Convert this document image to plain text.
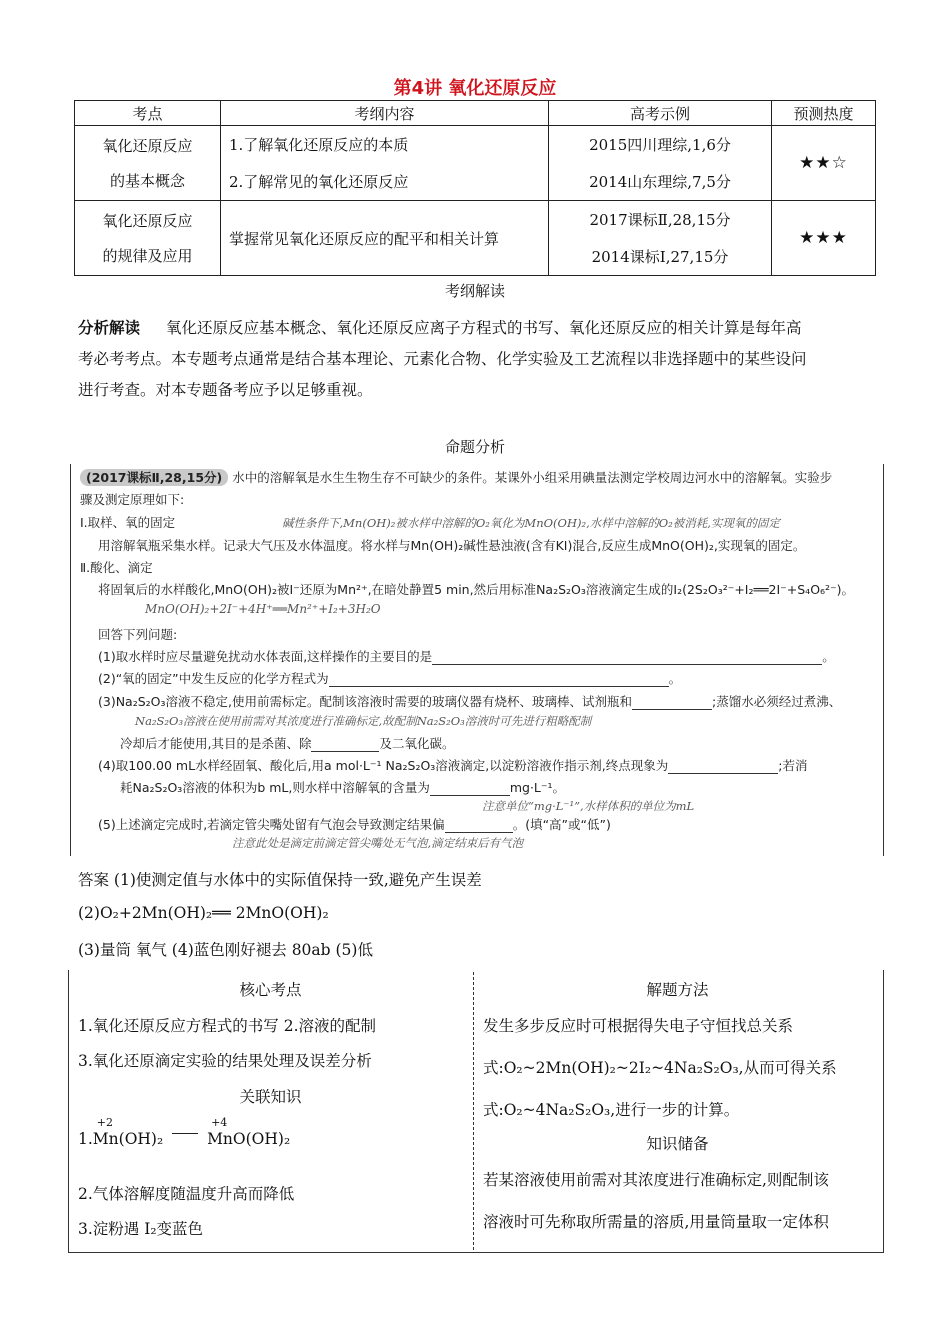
第4讲 氧化还原反应
考点	考纲内容	高考示例	预测热度

氧化还原反应
的基本概念	1.了解氧化还原反应的本质	2015四川理综,1,6分	★★☆
	2.了解常见的氧化还原反应	2014山东理综,7,5分	

氧化还原反应
的规律及应用	掌握常见氧化还原反应的配平和相关计算	2017课标Ⅱ,28,15分	★★★
		2014课标Ⅰ,27,15分	
考纲解读
分析解读 氧化还原反应基本概念、氧化还原反应离子方程式的书写、氧化还原反应的相关计算是每年高
考必考考点。本专题考点通常是结合基本理论、元素化合物、化学实验及工艺流程以非选择题中的某些设问
进行考查。对本专题备考应予以足够重视。
命题分析
(2017课标Ⅱ,28,15分) 水中的溶解氧是水生生物生存不可缺少的条件。某课外小组采用碘量法测定学校周边河水中的溶解氧。实验步
骤及测定原理如下:
Ⅰ.取样、氧的固定	碱性条件下,Mn(OH)₂被水样中溶解的O₂氧化为MnO(OH)₂,水样中溶解的O₂被消耗,实现氧的固定
用溶解氧瓶采集水样。记录大气压及水体温度。将水样与Mn(OH)₂碱性悬浊液(含有KI)混合,反应生成MnO(OH)₂,实现氧的固定。
Ⅱ.酸化、滴定
将固氧后的水样酸化,MnO(OH)₂被I⁻还原为Mn²⁺,在暗处静置5 min,然后用标准Na₂S₂O₃溶液滴定生成的I₂(2S₂O₃²⁻+I₂══2I⁻+S₄O₆²⁻)。
MnO(OH)₂+2I⁻+4H⁺══Mn²⁺+I₂+3H₂O
回答下列问题:
(1)取水样时应尽量避免扰动水体表面,这样操作的主要目的是	。
(2)“氧的固定”中发生反应的化学方程式为	。
(3)Na₂S₂O₃溶液不稳定,使用前需标定。配制该溶液时需要的玻璃仪器有烧杯、玻璃棒、试剂瓶和	;蒸馏水必须经过煮沸、
Na₂S₂O₃溶液在使用前需对其浓度进行准确标定,故配制Na₂S₂O₃溶液时可先进行粗略配制
冷却后才能使用,其目的是杀菌、除	及二氧化碳。
(4)取100.00 mL水样经固氧、酸化后,用a mol·L⁻¹ Na₂S₂O₃溶液滴定,以淀粉溶液作指示剂,终点现象为	;若消
耗Na₂S₂O₃溶液的体积为b mL,则水样中溶解氧的含量为	mg·L⁻¹。
注意单位“mg·L⁻¹”,水样体积的单位为mL
(5)上述滴定完成时,若滴定管尖嘴处留有气泡会导致测定结果偏	。(填“高”或“低”)
注意此处是滴定前滴定管尖嘴处无气泡,滴定结束后有气泡
答案 (1)使测定值与水体中的实际值保持一致,避免产生误差
(2)O₂+2Mn(OH)₂══ 2MnO(OH)₂
(3)量筒 氧气 (4)蓝色刚好褪去 80ab (5)低
核心考点
1.氧化还原反应方程式的书写 2.溶液的配制
3.氧化还原滴定实验的结果处理及误差分析
关联知识
1.
+2
Mn(OH)₂
+4
MnO(OH)₂
2.气体溶解度随温度升高而降低
3.淀粉遇 I₂变蓝色
解题方法
发生多步反应时可根据得失电子守恒找总关系
式:O₂~2Mn(OH)₂~2I₂~4Na₂S₂O₃,从而可得关系
式:O₂~4Na₂S₂O₃,进行一步的计算。
知识储备
若某溶液使用前需对其浓度进行准确标定,则配制该
溶液时可先称取所需量的溶质,用量筒量取一定体积
